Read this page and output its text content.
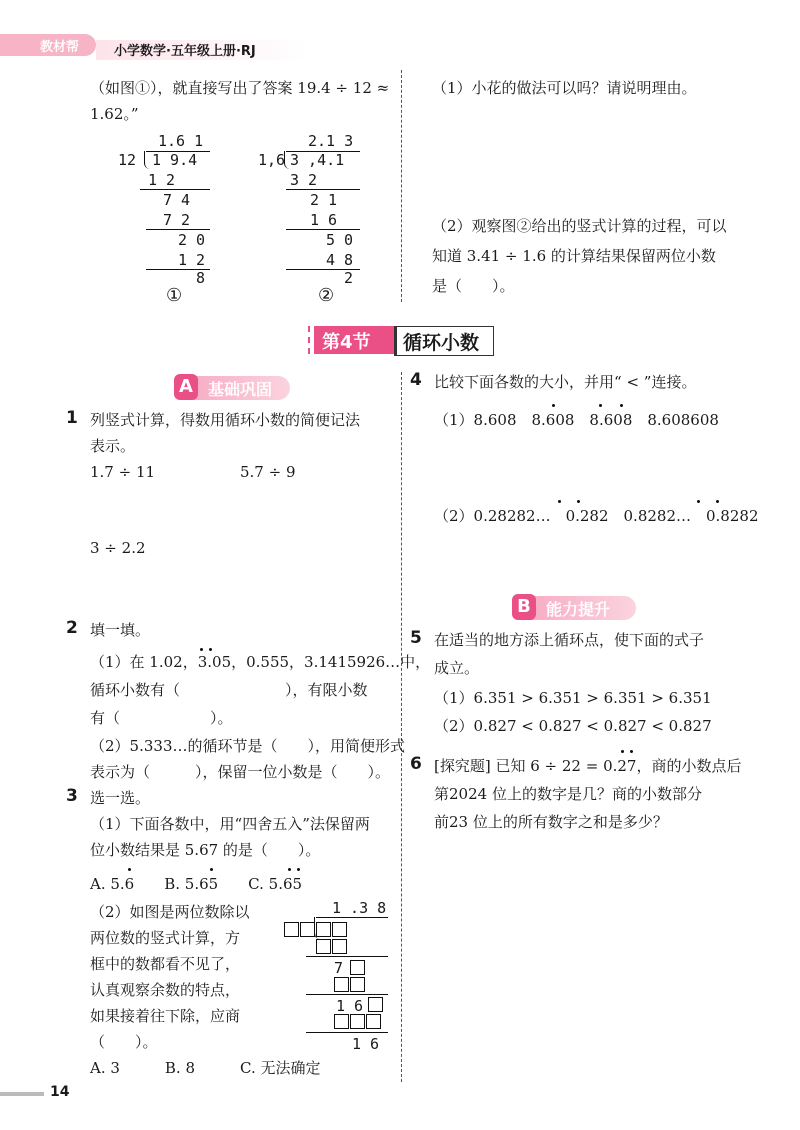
教材帮	小学数学·五年级上册·RJ
（如图①），就直接写出了答案 19.4 ÷ 12 ≈
1.62。”
1.6 1
12 1 9.4
1 2
7 4
7 2
2 0
1 2
8
①
2.1 3
1,6 3 ,4.1
3 2
2 1
1 6
5 0
4 8
2
②
（1）小花的做法可以吗？请说明理由。
（2）观察图②给出的竖式计算的过程，可以
知道 3.41 ÷ 1.6 的计算结果保留两位小数
是（　　）。
第4节 循环小数
A 基础巩固
1 列竖式计算，得数用循环小数的简便记法
表示。
1.7 ÷ 11	5.7 ÷ 9
3 ÷ 2.2
2 填一填。
（1）在 1.02，3.05，0.555，3.1415926…中，
循环小数有（　　　　　　　），有限小数
有（　　　　　　）。
（2）5.333…的循环节是（　　），用简便形式
表示为（　　　），保留一位小数是（　　）。
3 选一选。
（1）下面各数中，用“四舍五入”法保留两
位小数结果是 5.67 的是（　　）。
A. 5.6　　B. 5.65　　C. 5.65
（2）如图是两位数除以
两位数的竖式计算，方
框中的数都看不见了，
认真观察余数的特点，
如果接着往下除，应商
（　　）。
A. 3　　　B. 8　　　C. 无法确定
1 .3 8
7
1 6
1 6
4 比较下面各数的大小，并用“ < ”连接。
（1）8.608　8.608　8.608　8.608608
（2）0.28282…　0.282　0.8282…　0.8282
B 能力提升
5 在适当的地方添上循环点，使下面的式子
成立。
（1）6.351 > 6.351 > 6.351 > 6.351
（2）0.827 < 0.827 < 0.827 < 0.827
6 [探究题] 已知 6 ÷ 22 = 0.27，商的小数点后
第2024 位上的数字是几？商的小数部分
前23 位上的所有数字之和是多少？
14
